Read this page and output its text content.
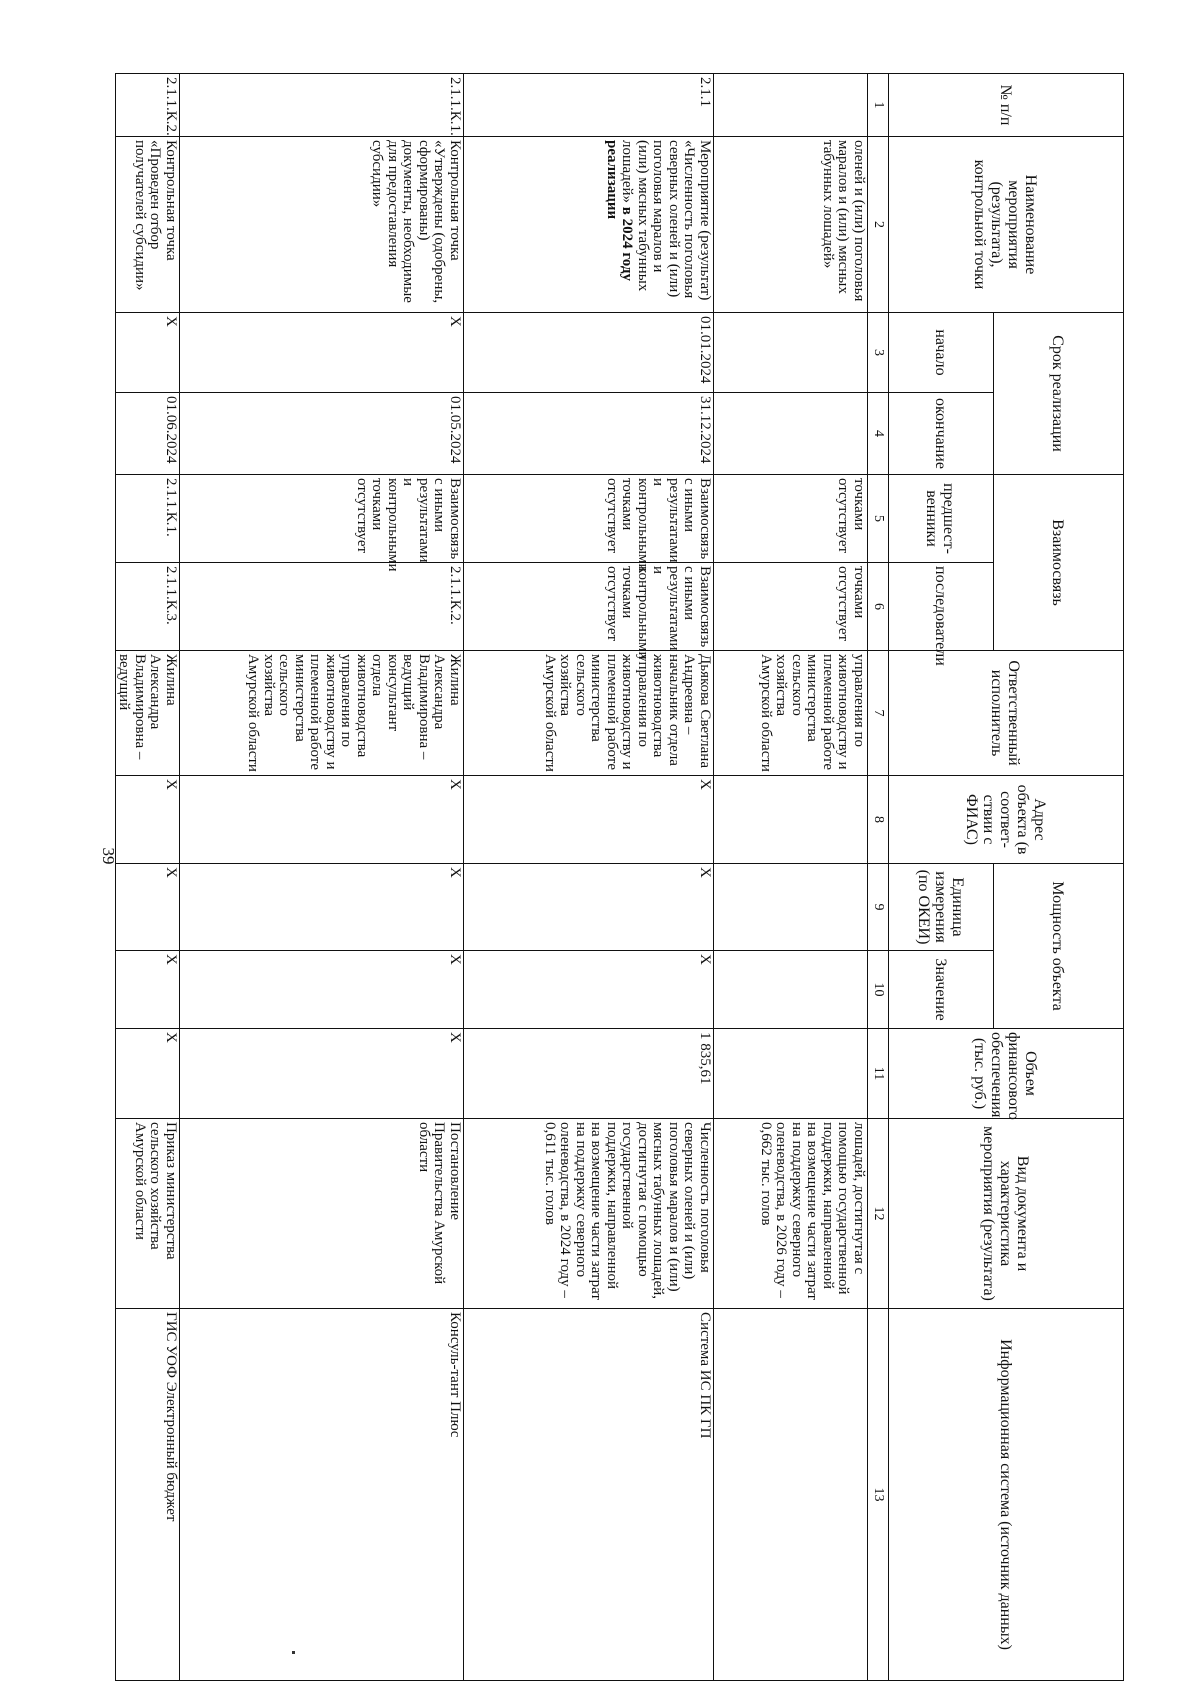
39
№ п/п	Наименование мероприятия (результата), контрольной точки	Срок реализации		Взаимосвязь		Ответственный исполнитель	Адрес объекта (в соответ-ствии с ФИАС)	Мощность объекта		Объем финансового обеспечения (тыс. руб.)	Вид документа и характеристика мероприятия (результата)	Информационная система (источник данных)
		начало	окончание	предшест-венники	последователи			Единица измерения (по ОКЕИ)	Значение			
1	2	3	4	5	6	7	8	9	10	11	12	13
	оленей и (или) поголовья маралов и (или) мясных табунных лошадей»			точками отсутствует	точками отсутствует	управления по животноводству и племенной работе министерства сельского хозяйства Амурской области					лошадей, достигнутая с помощью государственной поддержки, направленной на возмещение части затрат на поддержку северного оленеводства, в 2026 году – 0,662 тыс. голов	
2.1.1	Мероприятие (результат) «Численность поголовья северных оленей и (или) поголовья маралов и (или) мясных табунных лошадей» в 2024 году реализации	01.01.2024	31.12.2024	Взаимосвязь с иными результатами и контрольными точками отсутствует	Взаимосвязь с иными результатами и контрольными точками отсутствует	Дьякова Светлана Андреевна – начальник отдела животноводства управления по животноводству и племенной работе министерства сельского хозяйства Амурской области	Х	Х	Х	1 835,61	Численность поголовья северных оленей и (или) поголовья маралов и (или) мясных табунных лошадей, достигнутая с помощью государственной поддержки, направленной на возмещение части затрат на поддержку северного оленеводства, в 2024 году – 0,611 тыс. голов	Система ИС ПК ГП
2.1.1.К.1.	Контрольная точка «Утверждены (одобрены, сформированы) документы, необходимые для предоставления субсидии»	Х	01.05.2024	Взаимосвязь с иными результатами и контрольными точками отсутствует	2.1.1.К.2.	Жилина Александра Владимировна – ведущий консультант отдела животноводства управления по животноводству и племенной работе министерства сельского хозяйства Амурской области	Х	Х	Х	Х	Постановление Правительства Амурской области	Консуль-тант Плюс
2.1.1.К.2.	Контрольная точка «Проведен отбор получателей субсидии»	Х	01.06.2024	2.1.1.К.1.	2.1.1.К.3.	Жилина Александра Владимировна – ведущий	Х	Х	Х	Х	Приказ министерства сельского хозяйства Амурской области	ГИС УОФ Электронный бюджет
